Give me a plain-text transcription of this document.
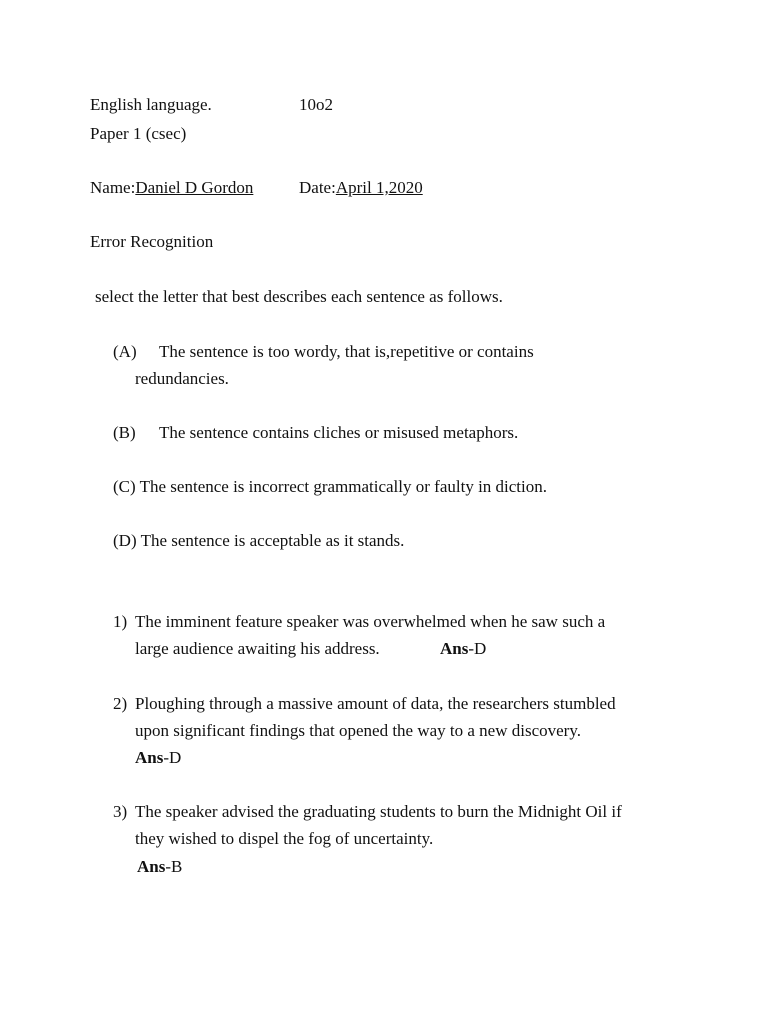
English language.	10o2
Paper 1 (csec)
Name:Daniel D Gordon	Date:April 1,2020
Error Recognition
select the letter that best describes each sentence as follows.
(A) The sentence is too wordy, that is,repetitive or contains
redundancies.
(B) The sentence contains cliches or misused metaphors.
(C) The sentence is incorrect grammatically or faulty in diction.
(D) The sentence is acceptable as it stands.
1) The imminent feature speaker was overwhelmed when he saw such a
large audience awaiting his address.	Ans-D
2) Ploughing through a massive amount of data, the researchers stumbled
upon significant findings that opened the way to a new discovery.
Ans-D
3) The speaker advised the graduating students to burn the Midnight Oil if
they wished to dispel the fog of uncertainty.
Ans-B
